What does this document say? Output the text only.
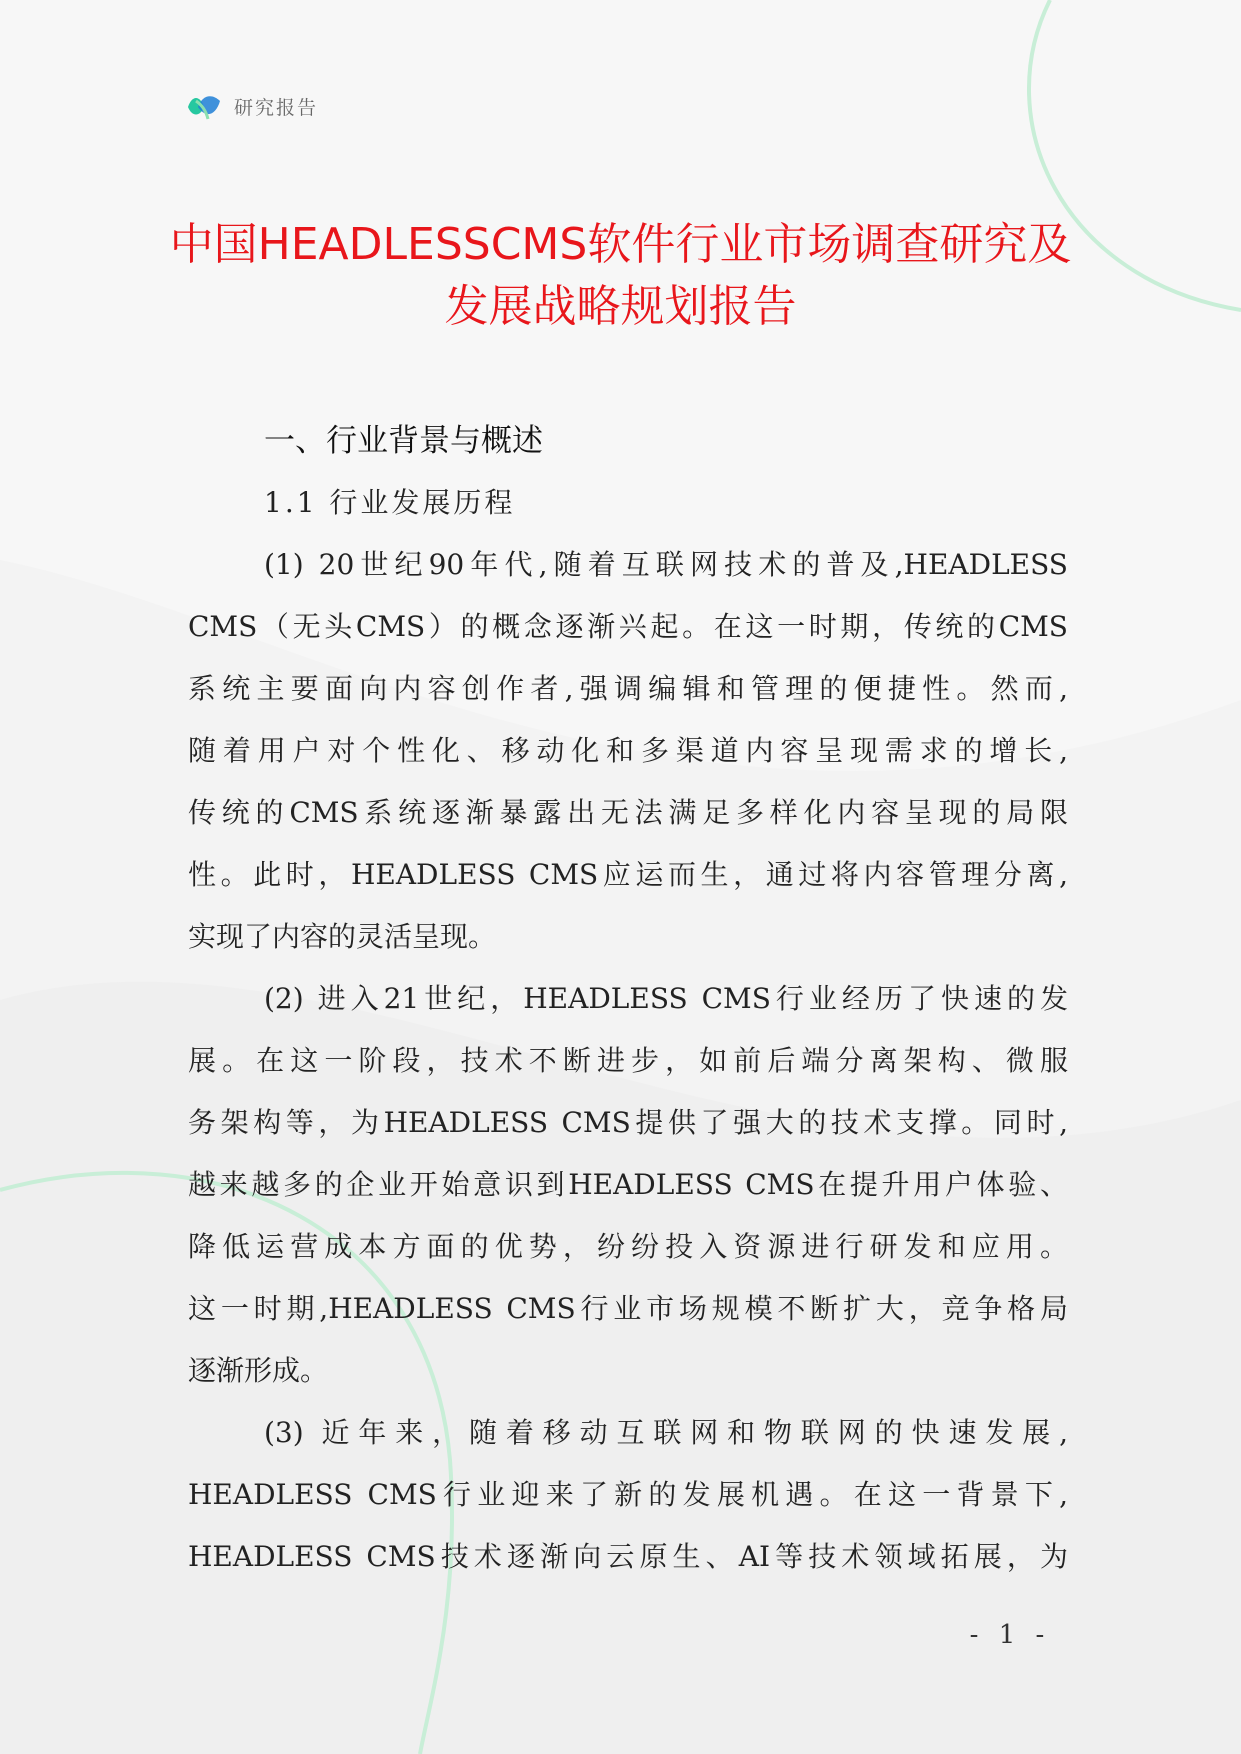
研究报告
中国HEADLESSCMS软件行业市场调查研究及
发展战略规划报告
一、行业背景与概述
1.1 行业发展历程

(1) 20世纪90年代,随着互联网技术的普及,HEADLESS
CMS（无头CMS）的概念逐渐兴起。在这一时期，传统的CMS
系统主要面向内容创作者,强调编辑和管理的便捷性。然而,
随着用户对个性化、移动化和多渠道内容呈现需求的增长,
传统的CMS系统逐渐暴露出无法满足多样化内容呈现的局限
性。此时，HEADLESS CMS应运而生，通过将内容管理分离,
实现了内容的灵活呈现。

(2) 进入21世纪，HEADLESS CMS行业经历了快速的发
展。在这一阶段，技术不断进步，如前后端分离架构、微服
务架构等，为HEADLESS CMS提供了强大的技术支撑。同时,
越来越多的企业开始意识到HEADLESS CMS在提升用户体验、
降低运营成本方面的优势，纷纷投入资源进行研发和应用。
这一时期,HEADLESS CMS行业市场规模不断扩大，竞争格局
逐渐形成。

(3) 近年来，随着移动互联网和物联网的快速发展,
HEADLESS CMS行业迎来了新的发展机遇。在这一背景下,
HEADLESS CMS技术逐渐向云原生、AI等技术领域拓展，为

- 1 -
